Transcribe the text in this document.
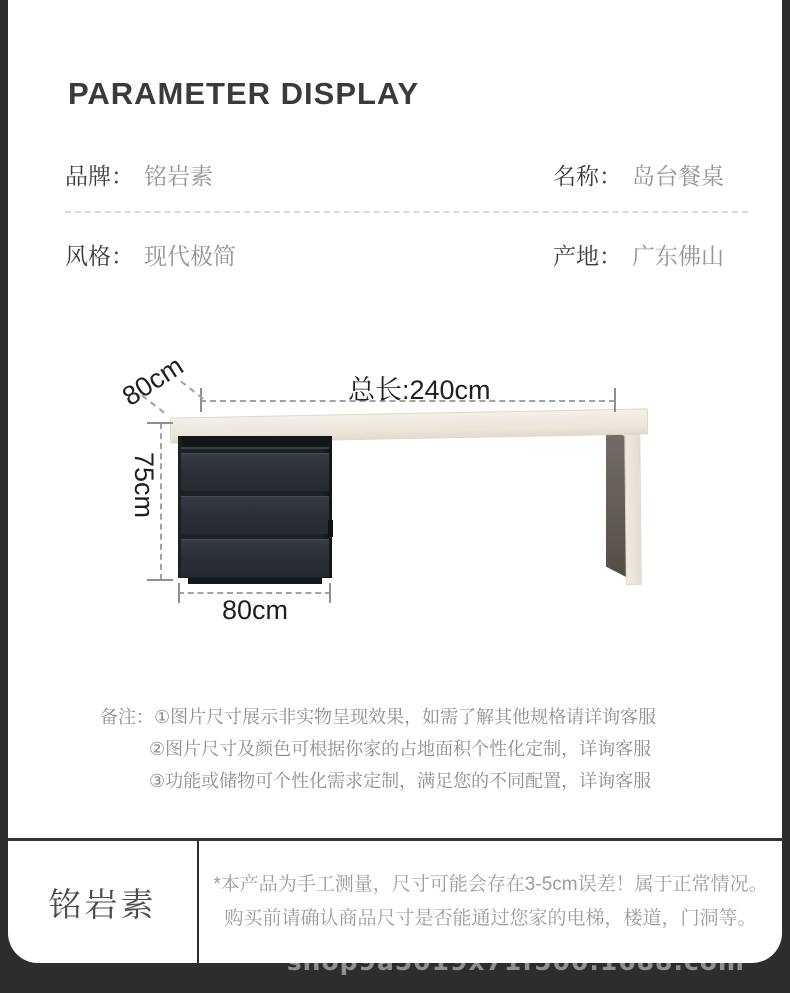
PARAMETER DISPLAY
品牌： 铭岩素	名称： 岛台餐桌
风格： 现代极简	产地： 广东佛山
总长:240cm
80cm
75cm
80cm
备注：①图片尺寸展示非实物呈现效果，如需了解其他规格请详询客服
②图片尺寸及颜色可根据你家的占地面积个性化定制，详询客服
③功能或储物可个性化需求定制，满足您的不同配置，详询客服
铭岩素
*本产品为手工测量，尺寸可能会存在3-5cm误差！属于正常情况。
购买前请确认商品尺寸是否能通过您家的电梯，楼道，门洞等。
